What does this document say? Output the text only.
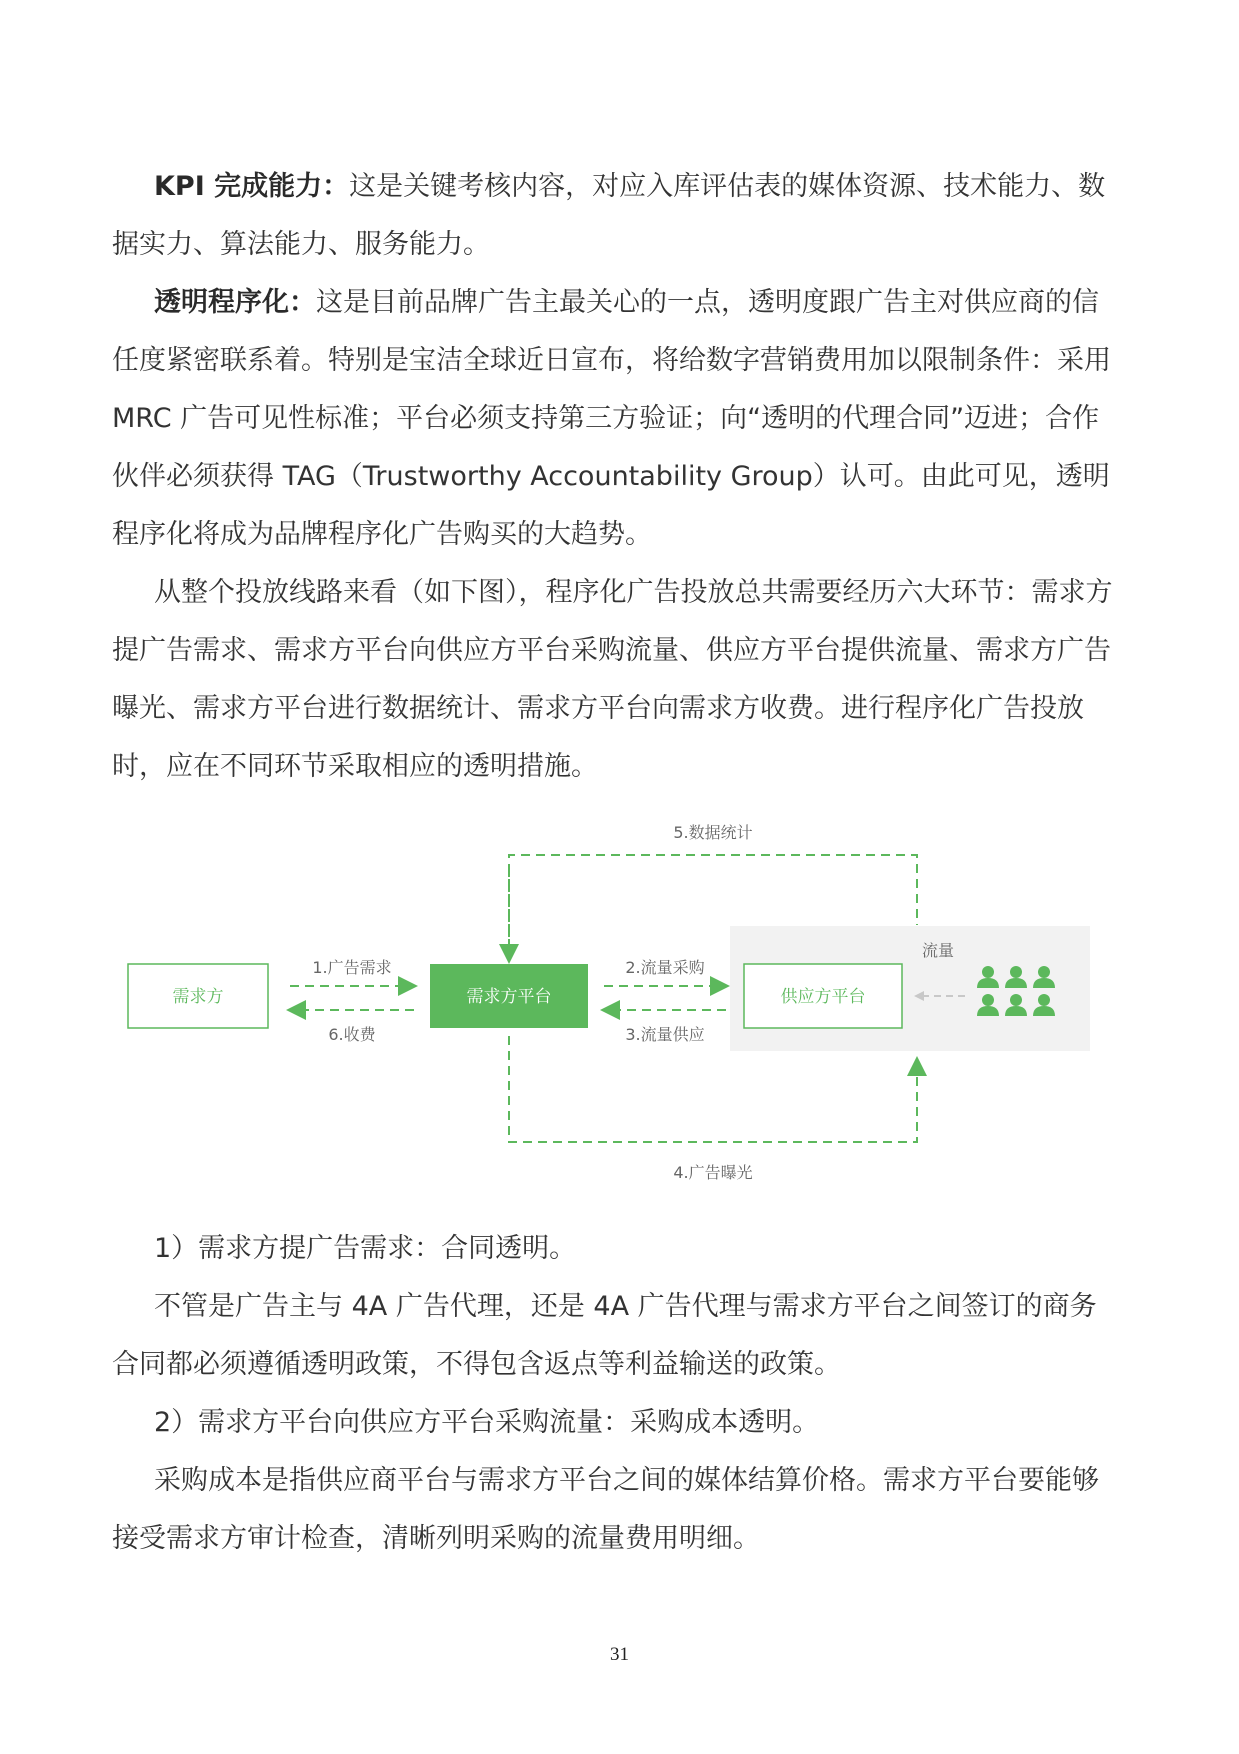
KPI 完成能力：这是关键考核内容，对应入库评估表的媒体资源、技术能力、数据实力、算法能力、服务能力。

透明程序化：这是目前品牌广告主最关心的一点，透明度跟广告主对供应商的信任度紧密联系着。特别是宝洁全球近日宣布，将给数字营销费用加以限制条件：采用 MRC 广告可见性标准；平台必须支持第三方验证；向“透明的代理合同”迈进；合作伙伴必须获得 TAG（Trustworthy Accountability Group）认可。由此可见，透明程序化将成为品牌程序化广告购买的大趋势。

从整个投放线路来看（如下图），程序化广告投放总共需要经历六大环节：需求方提广告需求、需求方平台向供应方平台采购流量、供应方平台提供流量、需求方广告曝光、需求方平台进行数据统计、需求方平台向需求方收费。进行程序化广告投放时，应在不同环节采取相应的透明措施。

5.数据统计
4.广告曝光
需求方	需求方平台	供应方平台
1.广告需求
6.收费
2.流量采购
3.流量供应
流量

1）需求方提广告需求：合同透明。

不管是广告主与 4A 广告代理，还是 4A 广告代理与需求方平台之间签订的商务合同都必须遵循透明政策，不得包含返点等利益输送的政策。

2）需求方平台向供应方平台采购流量：采购成本透明。

采购成本是指供应商平台与需求方平台之间的媒体结算价格。需求方平台要能够接受需求方审计检查，清晰列明采购的流量费用明细。

31
